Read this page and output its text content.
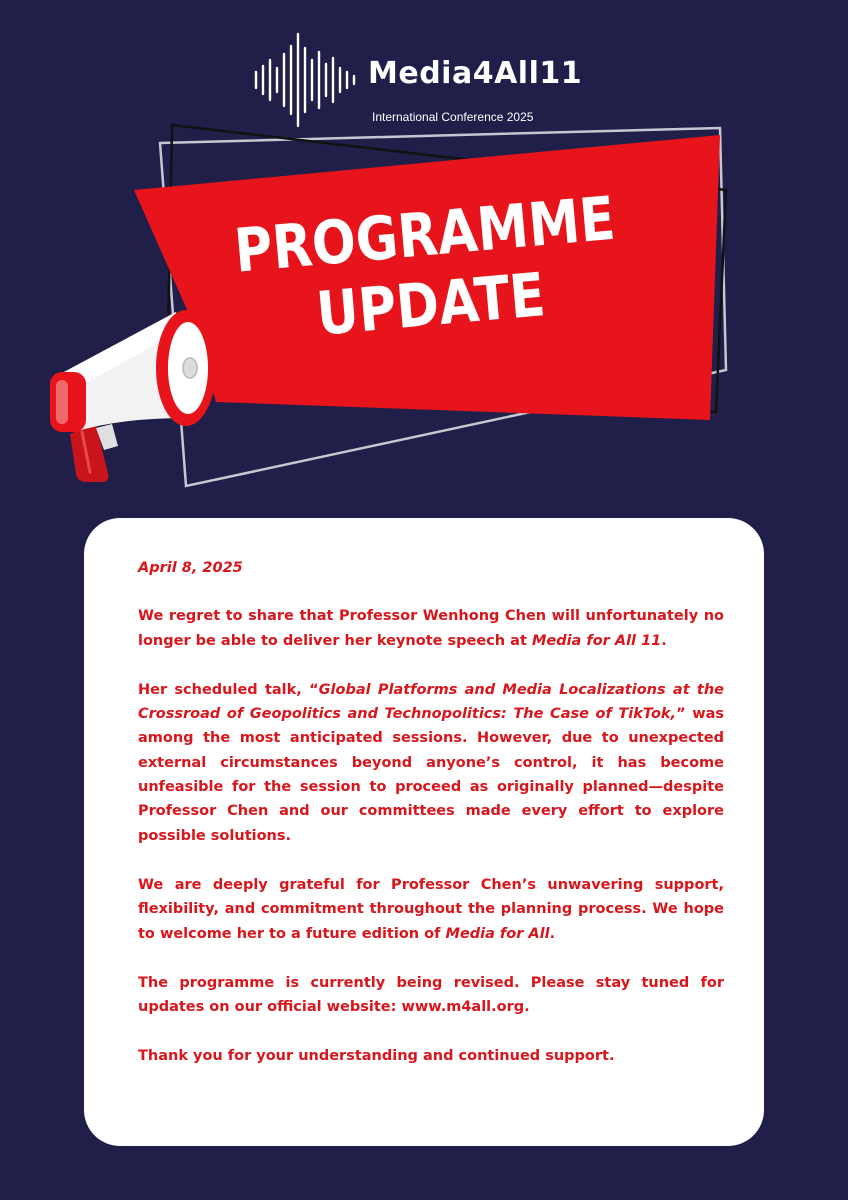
Media4All11
International Conference 2025
PROGRAMME
UPDATE

April 8, 2025

We regret to share that Professor Wenhong Chen will unfortunately no longer be able to deliver her keynote speech at Media for All 11.

Her scheduled talk, “Global Platforms and Media Localizations at the Crossroad of Geopolitics and Technopolitics: The Case of TikTok,” was among the most anticipated sessions. However, due to unexpected external circumstances beyond anyone’s control, it has become unfeasible for the session to proceed as originally planned—despite Professor Chen and our committees made every effort to explore possible solutions.

We are deeply grateful for Professor Chen’s unwavering support, flexibility, and commitment throughout the planning process. We hope to welcome her to a future edition of Media for All.

The programme is currently being revised. Please stay tuned for updates on our official website: www.m4all.org.

Thank you for your understanding and continued support.
